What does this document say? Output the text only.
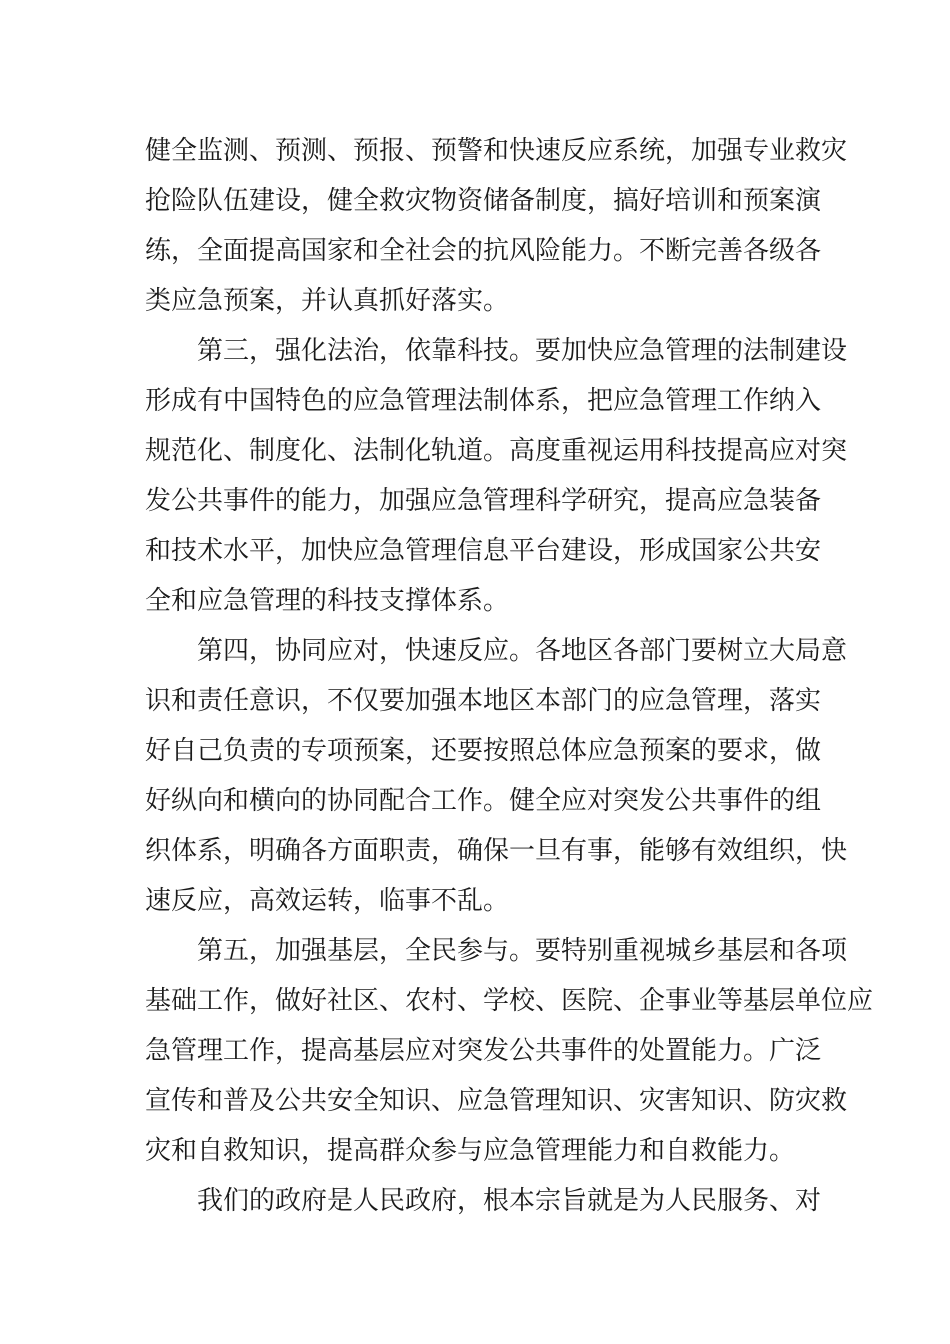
健全监测、预测、预报、预警和快速反应系统，加强专业救灾
抢险队伍建设，健全救灾物资储备制度，搞好培训和预案演
练，全面提高国家和全社会的抗风险能力。不断完善各级各
类应急预案，并认真抓好落实。
第三，强化法治，依靠科技。要加快应急管理的法制建设
形成有中国特色的应急管理法制体系，把应急管理工作纳入
规范化、制度化、法制化轨道。高度重视运用科技提高应对突
发公共事件的能力，加强应急管理科学研究，提高应急装备
和技术水平，加快应急管理信息平台建设，形成国家公共安
全和应急管理的科技支撑体系。
第四，协同应对，快速反应。各地区各部门要树立大局意
识和责任意识，不仅要加强本地区本部门的应急管理，落实
好自己负责的专项预案，还要按照总体应急预案的要求，做
好纵向和横向的协同配合工作。健全应对突发公共事件的组
织体系，明确各方面职责，确保一旦有事，能够有效组织，快
速反应，高效运转，临事不乱。
第五，加强基层，全民参与。要特别重视城乡基层和各项
基础工作，做好社区、农村、学校、医院、企事业等基层单位应
急管理工作，提高基层应对突发公共事件的处置能力。广泛
宣传和普及公共安全知识、应急管理知识、灾害知识、防灾救
灾和自救知识，提高群众参与应急管理能力和自救能力。
我们的政府是人民政府，根本宗旨就是为人民服务、对
